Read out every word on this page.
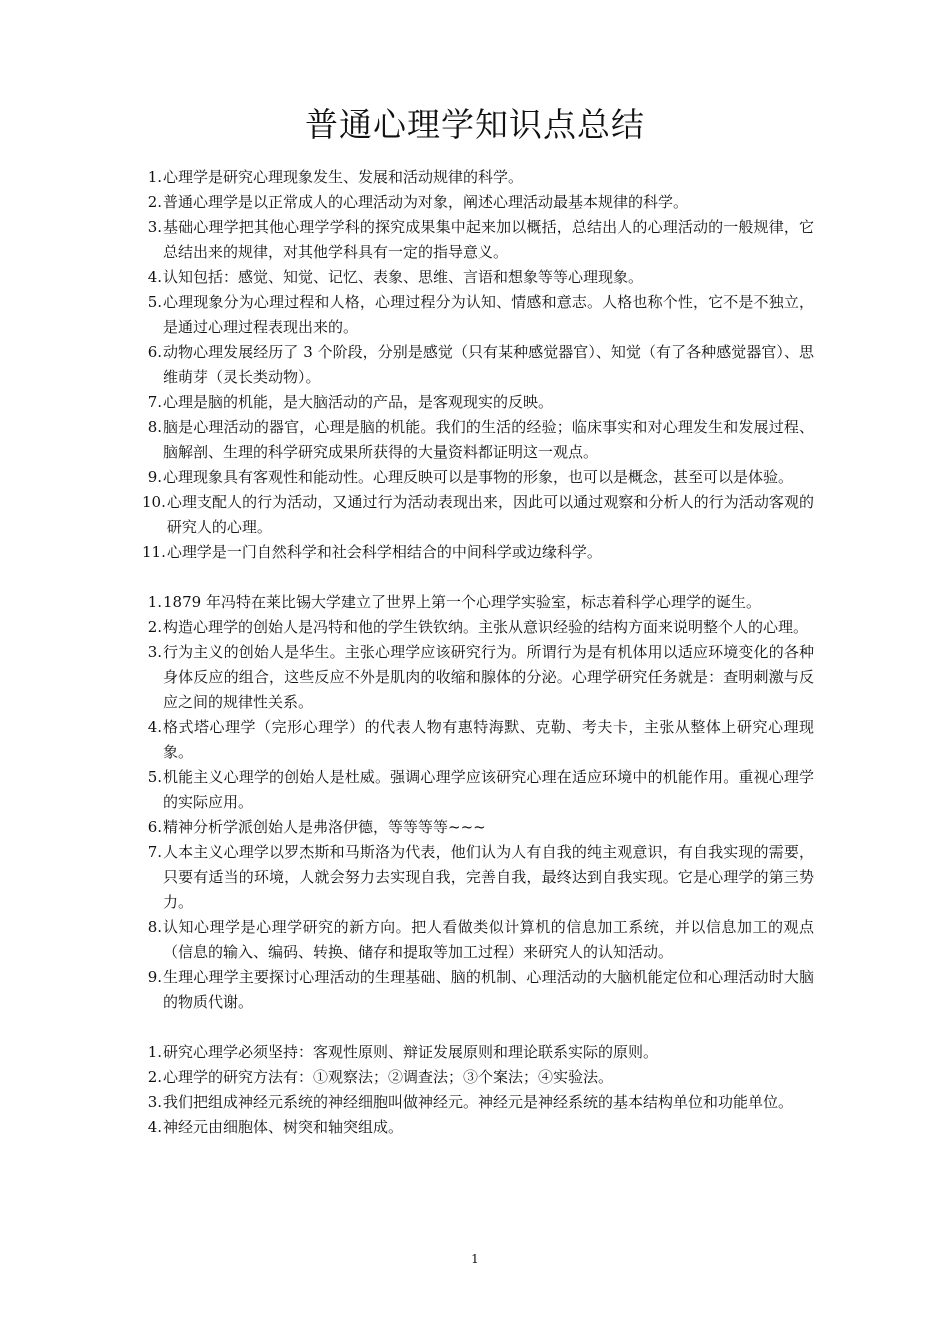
普通心理学知识点总结
1. 心理学是研究心理现象发生、发展和活动规律的科学。
2. 普通心理学是以正常成人的心理活动为对象，阐述心理活动最基本规律的科学。
3. 基础心理学把其他心理学学科的探究成果集中起来加以概括，总结出人的心理活动的一般规律，它总结出来的规律，对其他学科具有一定的指导意义。
4. 认知包括：感觉、知觉、记忆、表象、思维、言语和想象等等心理现象。
5. 心理现象分为心理过程和人格，心理过程分为认知、情感和意志。人格也称个性，它不是不独立，是通过心理过程表现出来的。
6. 动物心理发展经历了 3 个阶段，分别是感觉（只有某种感觉器官）、知觉（有了各种感觉器官）、思维萌芽（灵长类动物）。
7. 心理是脑的机能，是大脑活动的产品，是客观现实的反映。
8. 脑是心理活动的器官，心理是脑的机能。我们的生活的经验；临床事实和对心理发生和发展过程、脑解剖、生理的科学研究成果所获得的大量资料都证明这一观点。
9. 心理现象具有客观性和能动性。心理反映可以是事物的形象，也可以是概念，甚至可以是体验。
10. 心理支配人的行为活动，又通过行为活动表现出来，因此可以通过观察和分析人的行为活动客观的研究人的心理。
11. 心理学是一门自然科学和社会科学相结合的中间科学或边缘科学。
1. 1879 年冯特在莱比锡大学建立了世界上第一个心理学实验室，标志着科学心理学的诞生。
2. 构造心理学的创始人是冯特和他的学生铁钦纳。主张从意识经验的结构方面来说明整个人的心理。
3. 行为主义的创始人是华生。主张心理学应该研究行为。所谓行为是有机体用以适应环境变化的各种身体反应的组合，这些反应不外是肌肉的收缩和腺体的分泌。心理学研究任务就是：查明刺激与反应之间的规律性关系。
4. 格式塔心理学（完形心理学）的代表人物有惠特海默、克勒、考夫卡，主张从整体上研究心理现象。
5. 机能主义心理学的创始人是杜威。强调心理学应该研究心理在适应环境中的机能作用。重视心理学的实际应用。
6. 精神分析学派创始人是弗洛伊德，等等等等~~~
7. 人本主义心理学以罗杰斯和马斯洛为代表，他们认为人有自我的纯主观意识，有自我实现的需要，只要有适当的环境，人就会努力去实现自我，完善自我，最终达到自我实现。它是心理学的第三势力。
8. 认知心理学是心理学研究的新方向。把人看做类似计算机的信息加工系统，并以信息加工的观点（信息的输入、编码、转换、储存和提取等加工过程）来研究人的认知活动。
9. 生理心理学主要探讨心理活动的生理基础、脑的机制、心理活动的大脑机能定位和心理活动时大脑的物质代谢。
1. 研究心理学必须坚持：客观性原则、辩证发展原则和理论联系实际的原则。
2. 心理学的研究方法有：①观察法；②调查法；③个案法；④实验法。
3. 我们把组成神经元系统的神经细胞叫做神经元。神经元是神经系统的基本结构单位和功能单位。
4. 神经元由细胞体、树突和轴突组成。
1
